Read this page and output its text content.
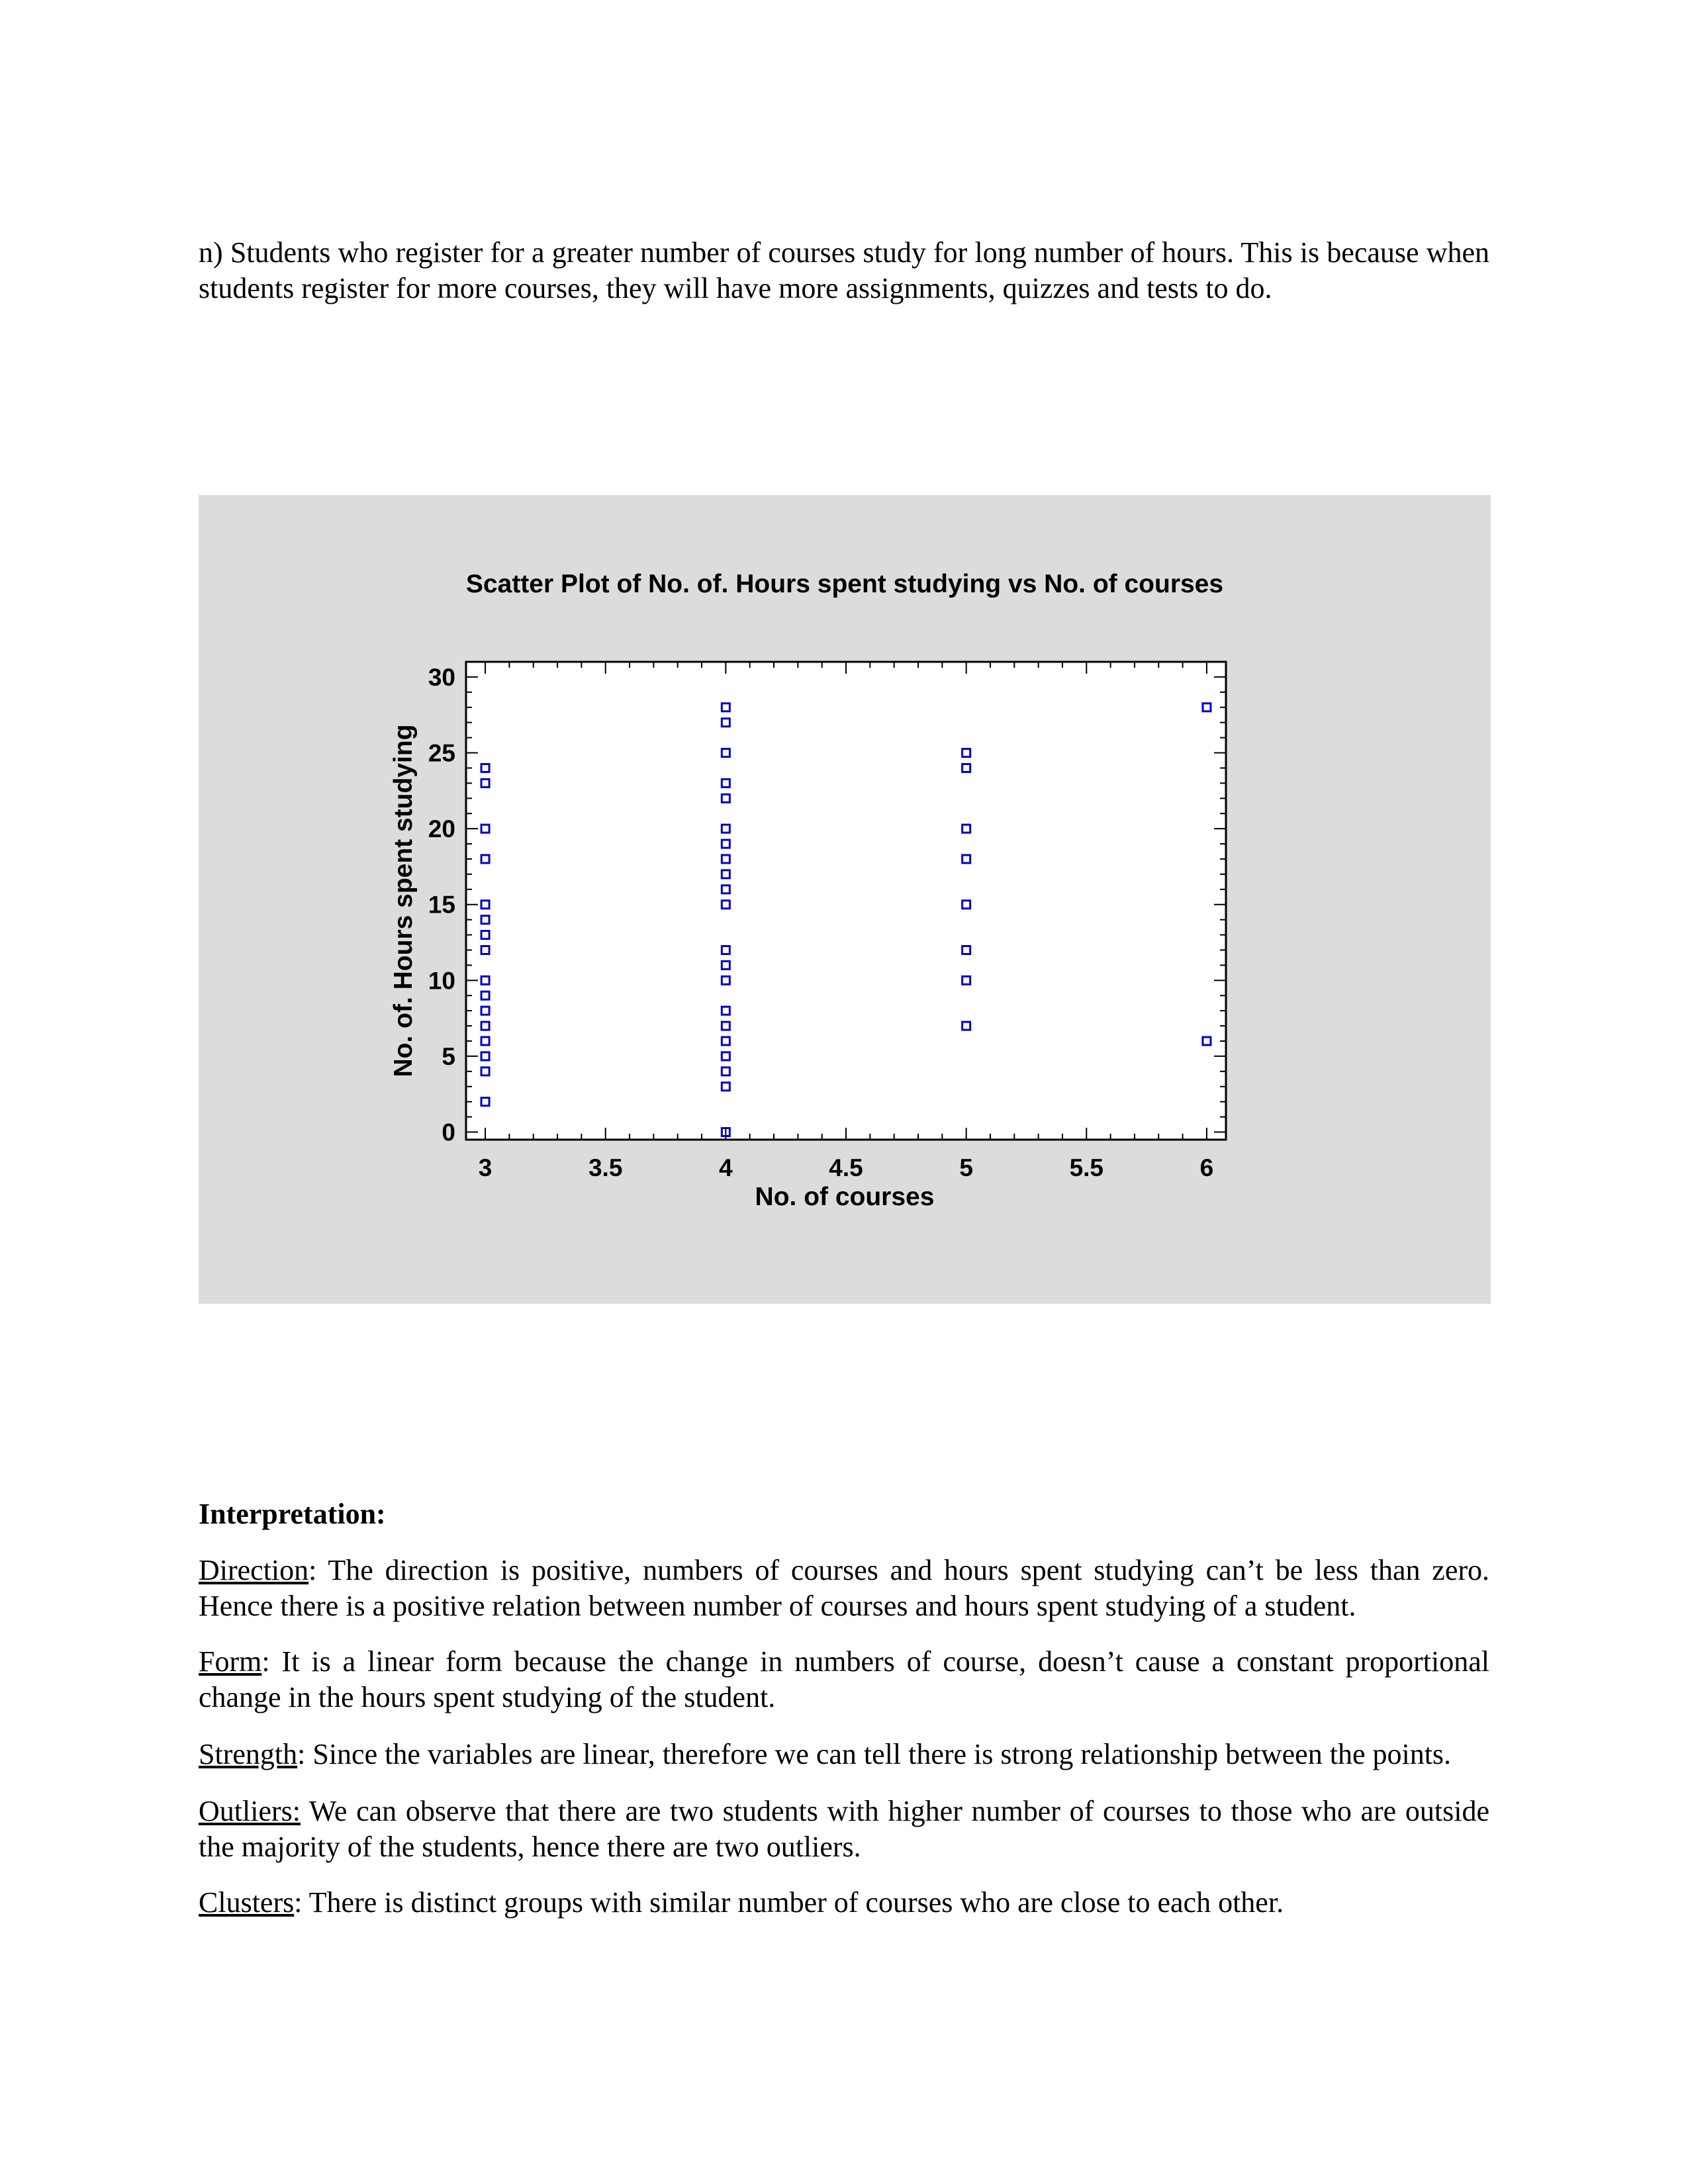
n) Students who register for a greater number of courses study for long number of hours. This is because when students register for more courses, they will have more assignments, quizzes and tests to do.

Scatter Plot of No. of. Hours spent studying vs No. of courses
3	3.5	4	4.5	5	5.5	6
0
5
10
15
20
25
30
No. of courses
No. of. Hours spent studying

Interpretation:

Direction: The direction is positive, numbers of courses and hours spent studying can’t be less than zero. Hence there is a positive relation between number of courses and hours spent studying of a student.

Form: It is a linear form because the change in numbers of course, doesn’t cause a constant proportional change in the hours spent studying of the student.

Strength: Since the variables are linear, therefore we can tell there is strong relationship between the points.

Outliers: We can observe that there are two students with higher number of courses to those who are outside the majority of the students, hence there are two outliers.

Clusters: There is distinct groups with similar number of courses who are close to each other.
